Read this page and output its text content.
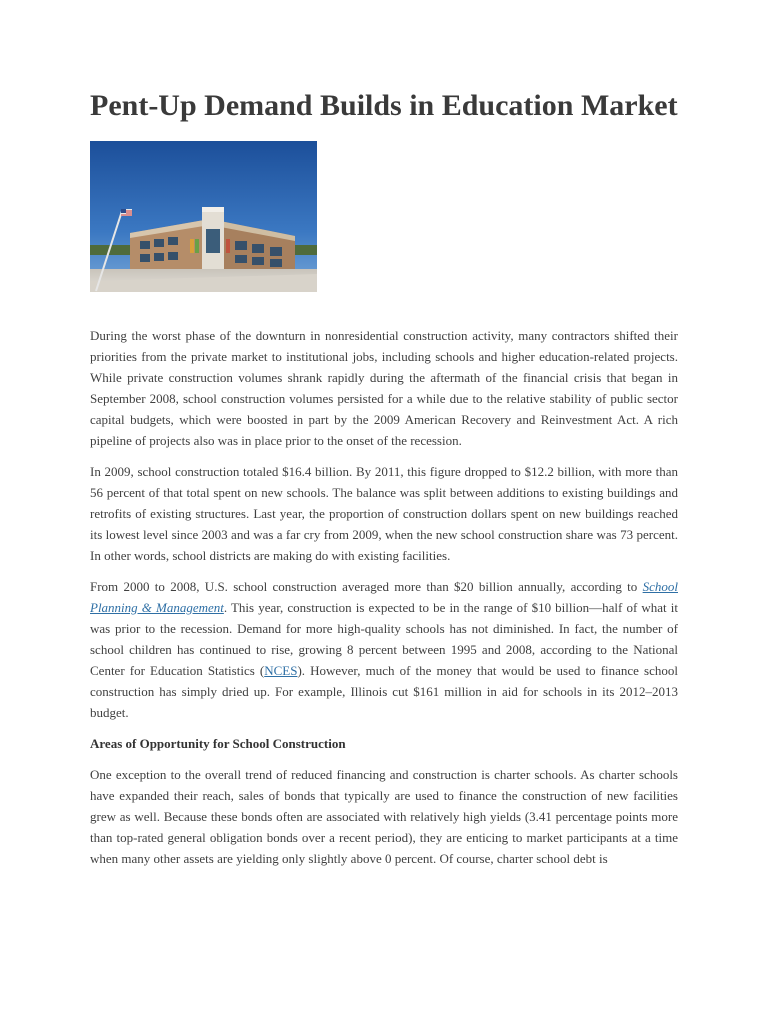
Pent-Up Demand Builds in Education Market

During the worst phase of the downturn in nonresidential construction activity, many contractors shifted their priorities from the private market to institutional jobs, including schools and higher education-related projects. While private construction volumes shrank rapidly during the aftermath of the financial crisis that began in September 2008, school construction volumes persisted for a while due to the relative stability of public sector capital budgets, which were boosted in part by the 2009 American Recovery and Reinvestment Act. A rich pipeline of projects also was in place prior to the onset of the recession.

In 2009, school construction totaled $16.4 billion. By 2011, this figure dropped to $12.2 billion, with more than 56 percent of that total spent on new schools. The balance was split between additions to existing buildings and retrofits of existing structures. Last year, the proportion of construction dollars spent on new buildings reached its lowest level since 2003 and was a far cry from 2009, when the new school construction share was 73 percent. In other words, school districts are making do with existing facilities.

From 2000 to 2008, U.S. school construction averaged more than $20 billion annually, according to School Planning & Management. This year, construction is expected to be in the range of $10 billion—half of what it was prior to the recession. Demand for more high-quality schools has not diminished. In fact, the number of school children has continued to rise, growing 8 percent between 1995 and 2008, according to the National Center for Education Statistics (NCES). However, much of the money that would be used to finance school construction has simply dried up. For example, Illinois cut $161 million in aid for schools in its 2012–2013 budget.

Areas of Opportunity for School Construction

One exception to the overall trend of reduced financing and construction is charter schools. As charter schools have expanded their reach, sales of bonds that typically are used to finance the construction of new facilities grew as well. Because these bonds often are associated with relatively high yields (3.41 percentage points more than top-rated general obligation bonds over a recent period), they are enticing to market participants at a time when many other assets are yielding only slightly above 0 percent. Of course, charter school debt is
